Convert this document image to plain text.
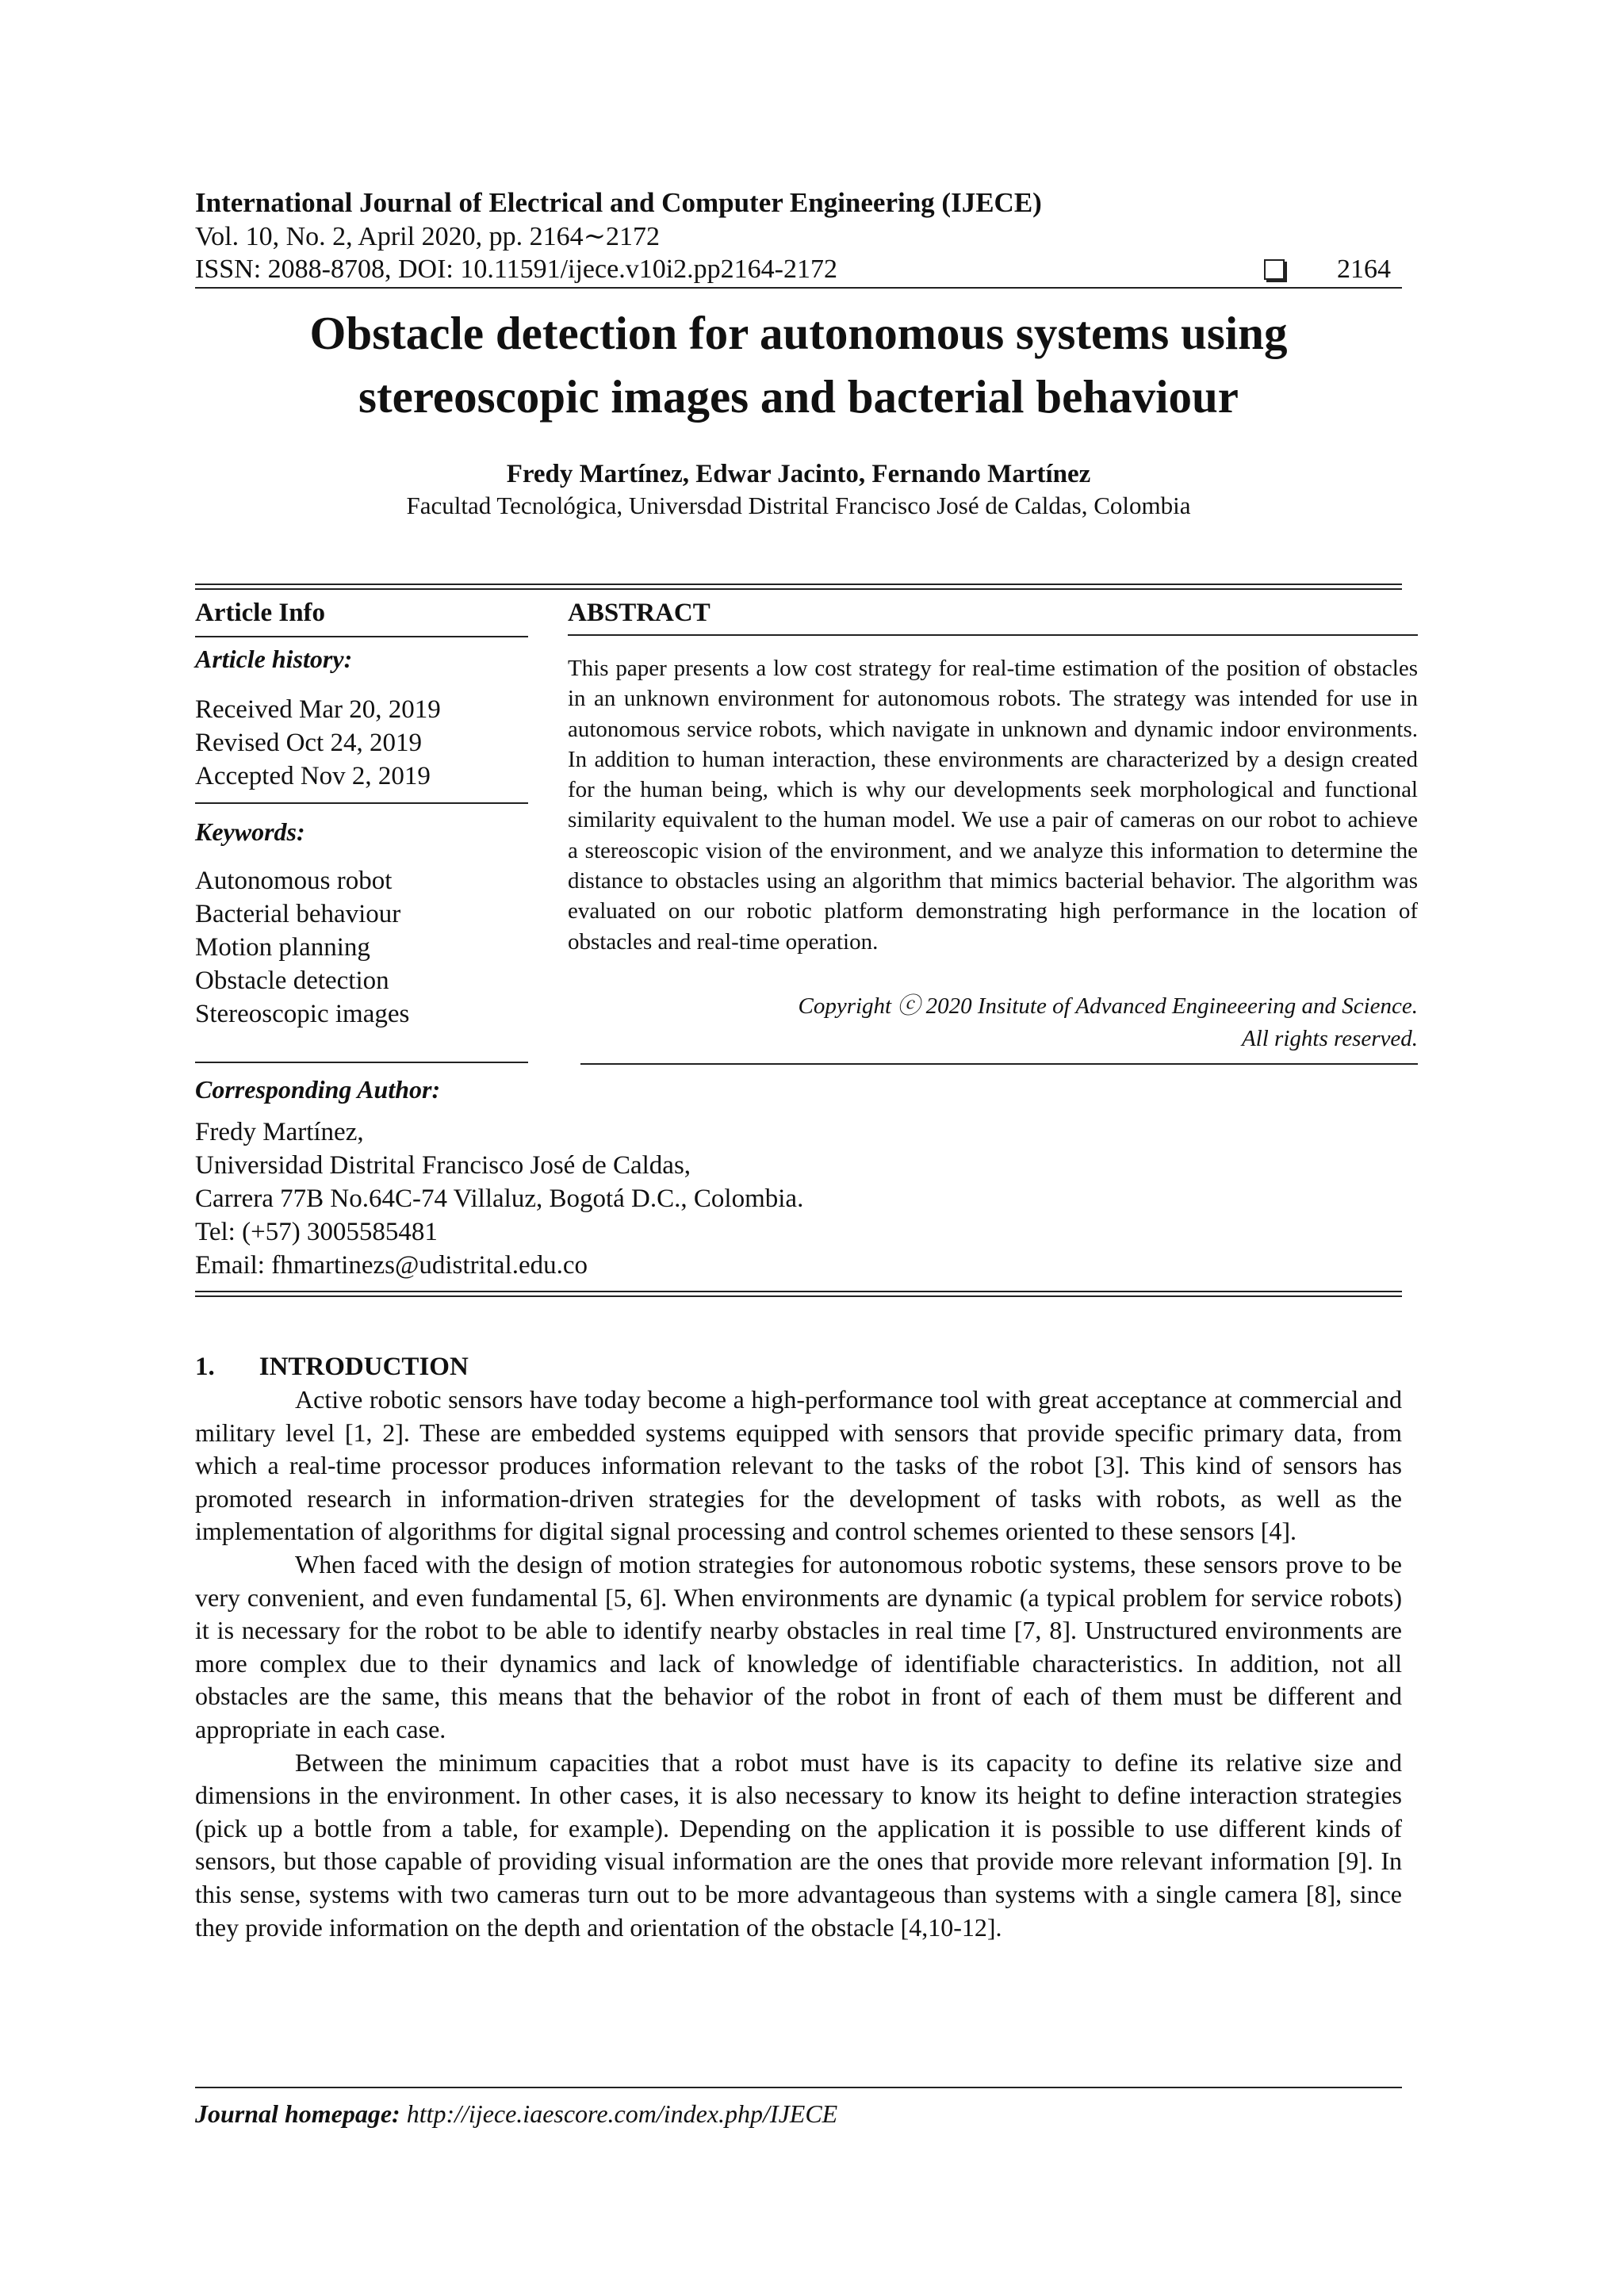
International Journal of Electrical and Computer Engineering (IJECE)
Vol. 10, No. 2, April 2020, pp. 2164∼2172
ISSN: 2088-8708, DOI: 10.11591/ijece.v10i2.pp2164-2172	2164
Obstacle detection for autonomous systems using
stereoscopic images and bacterial behaviour
Fredy Martínez, Edwar Jacinto, Fernando Martínez
Facultad Tecnológica, Universdad Distrital Francisco José de Caldas, Colombia
Article Info
Article history:
Received Mar 20, 2019
Revised Oct 24, 2019
Accepted Nov 2, 2019
Keywords:
Autonomous robot
Bacterial behaviour
Motion planning
Obstacle detection
Stereoscopic images
ABSTRACT
This paper presents a low cost strategy for real-time estimation of the position of obstacles in an unknown environment for autonomous robots. The strategy was intended for use in autonomous service robots, which navigate in unknown and dynamic indoor environments. In addition to human interaction, these environments are characterized by a design created for the human being, which is why our developments seek morphological and functional similarity equivalent to the human model. We use a pair of cameras on our robot to achieve a stereoscopic vision of the environment, and we analyze this information to determine the distance to obstacles using an algorithm that mimics bacterial behavior. The algorithm was evaluated on our robotic platform demonstrating high performance in the location of obstacles and real-time operation.
Copyright ⓒ 2020 Insitute of Advanced Engineeering and Science.
All rights reserved.
Corresponding Author:
Fredy Martínez,
Universidad Distrital Francisco José de Caldas,
Carrera 77B No.64C-74 Villaluz, Bogotá D.C., Colombia.
Tel: (+57) 3005585481
Email: fhmartinezs@udistrital.edu.co
1. INTRODUCTION

Active robotic sensors have today become a high-performance tool with great acceptance at commercial and military level [1, 2]. These are embedded systems equipped with sensors that provide specific primary data, from which a real-time processor produces information relevant to the tasks of the robot [3]. This kind of sensors has promoted research in information-driven strategies for the development of tasks with robots, as well as the implementation of algorithms for digital signal processing and control schemes oriented to these sensors [4].

When faced with the design of motion strategies for autonomous robotic systems, these sensors prove to be very convenient, and even fundamental [5, 6]. When environments are dynamic (a typical problem for service robots) it is necessary for the robot to be able to identify nearby obstacles in real time [7, 8]. Unstructured environments are more complex due to their dynamics and lack of knowledge of identifiable characteristics. In addition, not all obstacles are the same, this means that the behavior of the robot in front of each of them must be different and appropriate in each case.

Between the minimum capacities that a robot must have is its capacity to define its relative size and dimensions in the environment. In other cases, it is also necessary to know its height to define interaction strategies (pick up a bottle from a table, for example). Depending on the application it is possible to use different kinds of sensors, but those capable of providing visual information are the ones that provide more relevant information [9]. In this sense, systems with two cameras turn out to be more advantageous than systems with a single camera [8], since they provide information on the depth and orientation of the obstacle [4,10-12].

Journal homepage: http://ijece.iaescore.com/index.php/IJECE
